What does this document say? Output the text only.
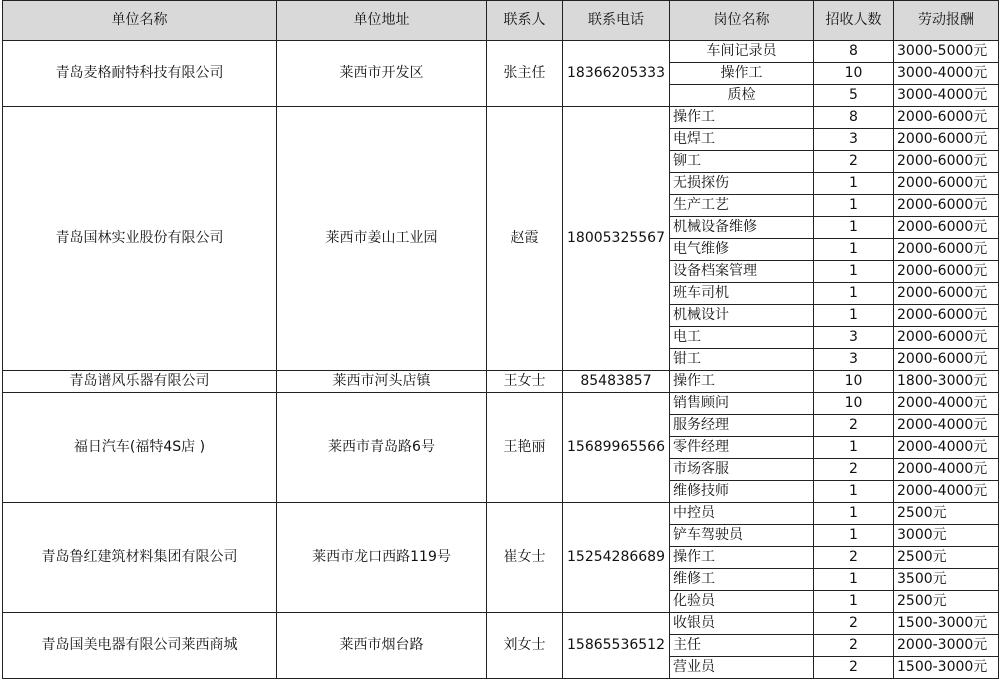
单位名称	单位地址	联系人	联系电话	岗位名称	招收人数	劳动报酬
青岛麦格耐特科技有限公司	莱西市开发区	张主任	18366205333	车间记录员	8	3000-5000元
				操作工	10	3000-4000元
				质检	5	3000-4000元
青岛国林实业股份有限公司	莱西市姜山工业园	赵霞	18005325567	操作工	8	2000-6000元
				电焊工	3	2000-6000元
				铆工	2	2000-6000元
				无损探伤	1	2000-6000元
				生产工艺	1	2000-6000元
				机械设备维修	1	2000-6000元
				电气维修	1	2000-6000元
				设备档案管理	1	2000-6000元
				班车司机	1	2000-6000元
				机械设计	1	2000-6000元
				电工	3	2000-6000元
				钳工	3	2000-6000元
青岛谱风乐器有限公司	莱西市河头店镇	王女士	85483857	操作工	10	1800-3000元
福日汽车(福特4S店 )	莱西市青岛路6号	王艳丽	15689965566	销售顾问	10	2000-4000元
				服务经理	2	2000-4000元
				零件经理	1	2000-4000元
				市场客服	2	2000-4000元
				维修技师	1	2000-4000元
青岛鲁红建筑材料集团有限公司	莱西市龙口西路119号	崔女士	15254286689	中控员	1	2500元
				铲车驾驶员	1	3000元
				操作工	2	2500元
				维修工	1	3500元
				化验员	1	2500元
青岛国美电器有限公司莱西商城	莱西市烟台路	刘女士	15865536512	收银员	2	1500-3000元
				主任	2	2000-3000元
				营业员	2	1500-3000元
